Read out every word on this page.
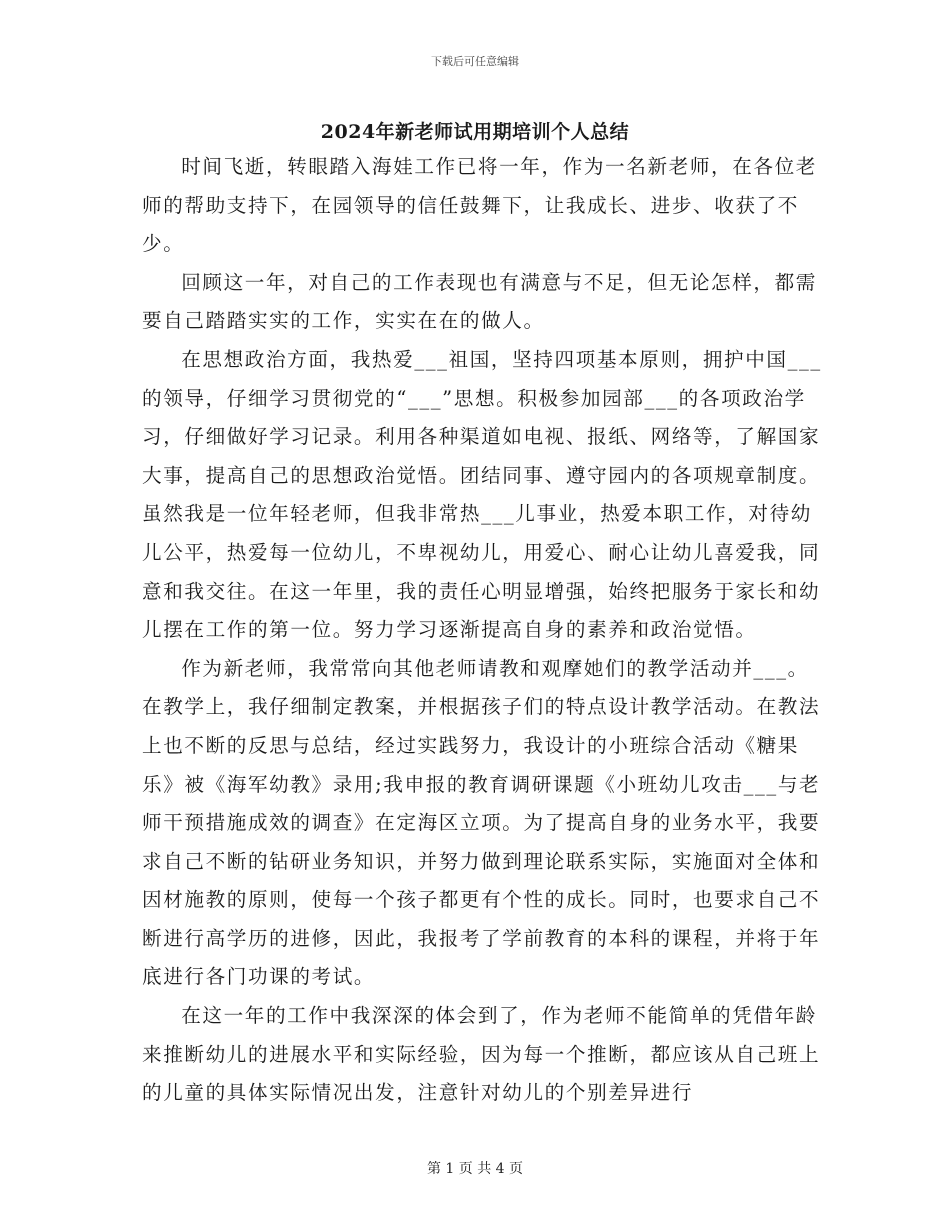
下载后可任意编辑
2024年新老师试用期培训个人总结

时间飞逝，转眼踏入海娃工作已将一年，作为一名新老师，在各位老师的帮助支持下，在园领导的信任鼓舞下，让我成长、进步、收获了不少。

回顾这一年，对自己的工作表现也有满意与不足，但无论怎样，都需要自己踏踏实实的工作，实实在在的做人。

在思想政治方面，我热爱___祖国，坚持四项基本原则，拥护中国___的领导，仔细学习贯彻党的“___”思想。积极参加园部___的各项政治学习，仔细做好学习记录。利用各种渠道如电视、报纸、网络等，了解国家大事，提高自己的思想政治觉悟。团结同事、遵守园内的各项规章制度。虽然我是一位年轻老师，但我非常热___儿事业，热爱本职工作，对待幼儿公平，热爱每一位幼儿，不卑视幼儿，用爱心、耐心让幼儿喜爱我，同意和我交往。在这一年里，我的责任心明显增强，始终把服务于家长和幼儿摆在工作的第一位。努力学习逐渐提高自身的素养和政治觉悟。

作为新老师，我常常向其他老师请教和观摩她们的教学活动并___。在教学上，我仔细制定教案，并根据孩子们的特点设计教学活动。在教法上也不断的反思与总结，经过实践努力，我设计的小班综合活动《糖果乐》被《海军幼教》录用;我申报的教育调研课题《小班幼儿攻击___与老师干预措施成效的调查》在定海区立项。为了提高自身的业务水平，我要求自己不断的钻研业务知识，并努力做到理论联系实际，实施面对全体和因材施教的原则，使每一个孩子都更有个性的成长。同时，也要求自己不断进行高学历的进修，因此，我报考了学前教育的本科的课程，并将于年底进行各门功课的考试。

在这一年的工作中我深深的体会到了，作为老师不能简单的凭借年龄来推断幼儿的进展水平和实际经验，因为每一个推断，都应该从自己班上的儿童的具体实际情况出发，注意针对幼儿的个别差异进行

第 1 页 共 4 页
